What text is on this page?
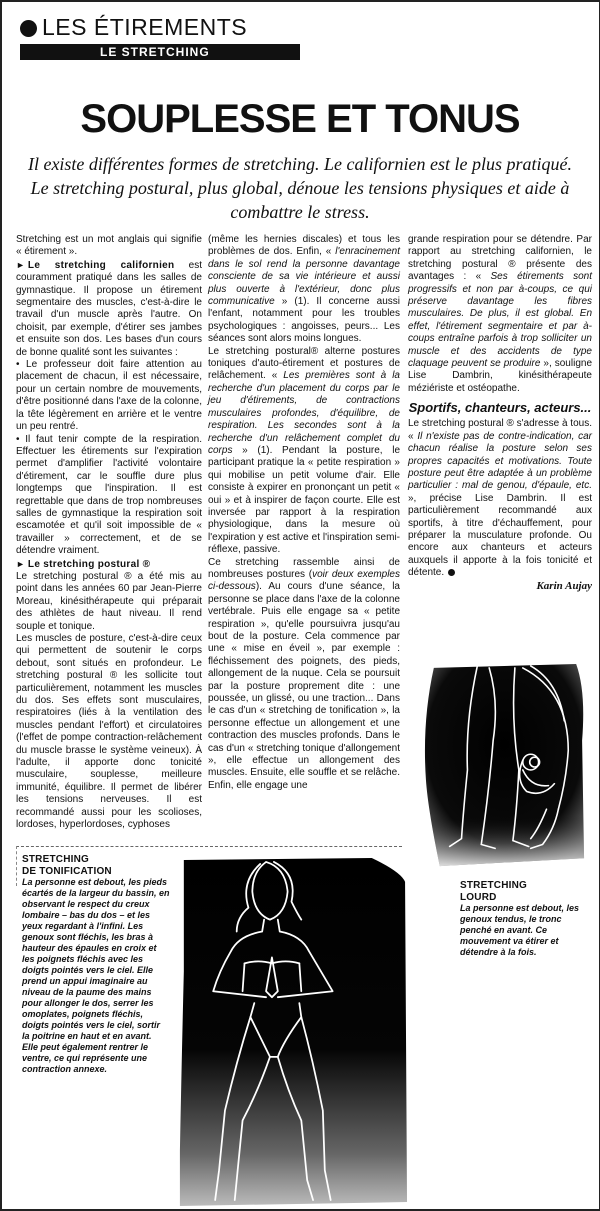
LES ÉTIREMENTS
LE STRETCHING
SOUPLESSE ET TONUS

Il existe différentes formes de stretching. Le californien est le plus pratiqué. Le stretching postural, plus global, dénoue les tensions physiques et aide à combattre le stress.

Stretching est un mot anglais qui signifie « étirement ».

► Le stretching californien est couramment pratiqué dans les salles de gymnastique. Il propose un étirement segmentaire des muscles, c'est-à-dire le travail d'un muscle après l'autre. On choisit, par exemple, d'étirer ses jambes et ensuite son dos. Les bases d'un cours de bonne qualité sont les suivantes :

• Le professeur doit faire attention au placement de chacun, il est nécessaire, pour un certain nombre de mouvements, d'être positionné dans l'axe de la colonne, la tête légèrement en arrière et le ventre un peu rentré.

• Il faut tenir compte de la respiration. Effectuer les étirements sur l'expiration permet d'amplifier l'activité volontaire d'étirement, car le souffle dure plus longtemps que l'inspiration. Il est regrettable que dans de trop nombreuses salles de gymnastique la respiration soit escamotée et qu'il soit impossible de « travailler » correctement, et de se détendre vraiment.

► Le stretching postural ®

Le stretching postural ® a été mis au point dans les années 60 par Jean-Pierre Moreau, kinésithérapeute qui préparait des athlètes de haut niveau. Il rend souple et tonique.

Les muscles de posture, c'est-à-dire ceux qui permettent de soutenir le corps debout, sont situés en profondeur. Le stretching postural ® les sollicite tout particulièrement, notamment les muscles du dos. Ses effets sont musculaires, respiratoires (liés à la ventilation des muscles pendant l'effort) et circulatoires (l'effet de pompe contraction-relâchement du muscle brasse le système veineux). À l'adulte, il apporte donc tonicité musculaire, souplesse, meilleure immunité, équilibre. Il permet de libérer les tensions nerveuses. Il est recommandé aussi pour les scolioses, lordoses, hyperlordoses, cyphoses

(même les hernies discales) et tous les problèmes de dos. Enfin, « l'enracinement dans le sol rend la personne davantage consciente de sa vie intérieure et aussi plus ouverte à l'extérieur, donc plus communicative » (1). Il concerne aussi l'enfant, notamment pour les troubles psychologiques : angoisses, peurs... Les séances sont alors moins longues.

Le stretching postural® alterne postures toniques d'auto-étirement et postures de relâchement. « Les premières sont à la recherche d'un placement du corps par le jeu d'étirements, de contractions musculaires profondes, d'équilibre, de respiration. Les secondes sont à la recherche d'un relâchement complet du corps » (1). Pendant la posture, le participant pratique la « petite respiration » qui mobilise un petit volume d'air. Elle consiste à expirer en prononçant un petit « oui » et à inspirer de façon courte. Elle est inversée par rapport à la respiration physiologique, dans la mesure où l'expiration y est active et l'inspiration semi-réflexe, passive.

Ce stretching rassemble ainsi de nombreuses postures (voir deux exemples ci-dessous). Au cours d'une séance, la personne se place dans l'axe de la colonne vertébrale. Puis elle engage sa « petite respiration », qu'elle poursuivra jusqu'au bout de la posture. Cela commence par une « mise en éveil », par exemple : fléchissement des poignets, des pieds, allongement de la nuque. Cela se poursuit par la posture proprement dite : une poussée, un glissé, ou une traction... Dans le cas d'un « stretching de tonification », la personne effectue un allongement et une contraction des muscles profonds. Dans le cas d'un « stretching tonique d'allongement », elle effectue un allongement des muscles. Ensuite, elle souffle et se relâche. Enfin, elle engage une

grande respiration pour se détendre. Par rapport au stretching californien, le stretching postural ® présente des avantages : « Ses étirements sont progressifs et non par à-coups, ce qui préserve davantage les fibres musculaires. De plus, il est global. En effet, l'étirement segmentaire et par à-coups entraîne parfois à trop solliciter un muscle et des accidents de type claquage peuvent se produire », souligne Lise Dambrin, kinésithérapeute méziériste et ostéopathe.

Sportifs, chanteurs, acteurs...

Le stretching postural ® s'adresse à tous. « Il n'existe pas de contre-indication, car chacun réalise la posture selon ses propres capacités et motivations. Toute posture peut être adaptée à un problème particulier : mal de genou, d'épaule, etc. », précise Lise Dambrin. Il est particulièrement recommandé aux sportifs, à titre d'échauffement, pour préparer la musculature profonde. Ou encore aux chanteurs et acteurs auxquels il apporte à la fois tonicité et détente.

Karin Aujay

STRETCHING
DE TONIFICATION
La personne est debout, les pieds écartés de la largeur du bassin, en observant le respect du creux lombaire – bas du dos – et les yeux regardant à l'infini. Les genoux sont fléchis, les bras à hauteur des épaules en croix et les poignets fléchis avec les doigts pointés vers le ciel. Elle prend un appui imaginaire au niveau de la paume des mains pour allonger le dos, serrer les omoplates, poignets fléchis, doigts pointés vers le ciel, sortir la poitrine en haut et en avant. Elle peut également rentrer le ventre, ce qui représente une contraction annexe.
STRETCHING
LOURD
La personne est debout, les genoux tendus, le tronc penché en avant. Ce mouvement va étirer et détendre à la fois.
